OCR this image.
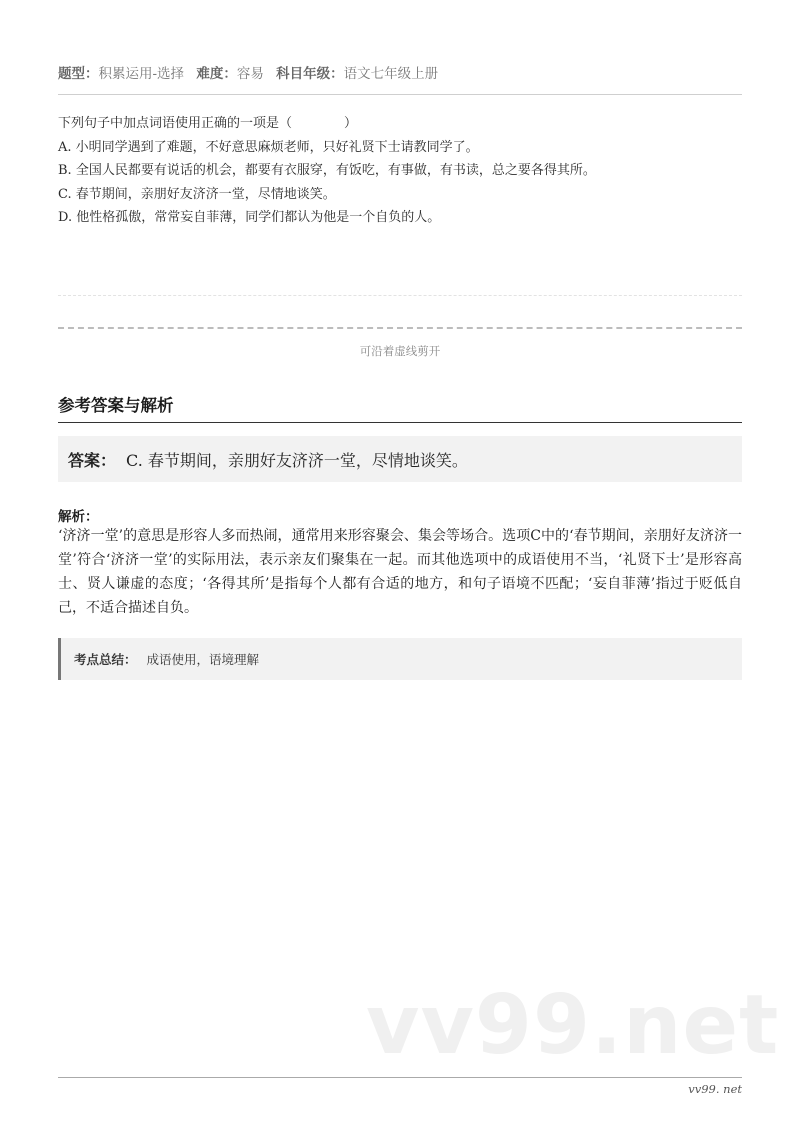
题型：积累运用-选择 难度：容易 科目年级：语文七年级上册
下列句子中加点词语使用正确的一项是（　　　　）
A. 小明同学遇到了难题，不好意思麻烦老师，只好礼贤下士请教同学了。
B. 全国人民都要有说话的机会，都要有衣服穿，有饭吃，有事做，有书读，总之要各得其所。
C. 春节期间，亲朋好友济济一堂，尽情地谈笑。
D. 他性格孤傲，常常妄自菲薄，同学们都认为他是一个自负的人。
可沿着虚线剪开
参考答案与解析
答案： C. 春节期间，亲朋好友济济一堂，尽情地谈笑。
解析：
‘济济一堂’的意思是形容人多而热闹，通常用来形容聚会、集会等场合。选项C中的‘春节期间，亲朋好友济济一堂’符合‘济济一堂’的实际用法，表示亲友们聚集在一起。而其他选项中的成语使用不当，‘礼贤下士’是形容高士、贤人谦虚的态度；‘各得其所’是指每个人都有合适的地方，和句子语境不匹配；‘妄自菲薄’指过于贬低自己，不适合描述自负。
考点总结： 成语使用，语境理解
vv99.net
vv99. net
